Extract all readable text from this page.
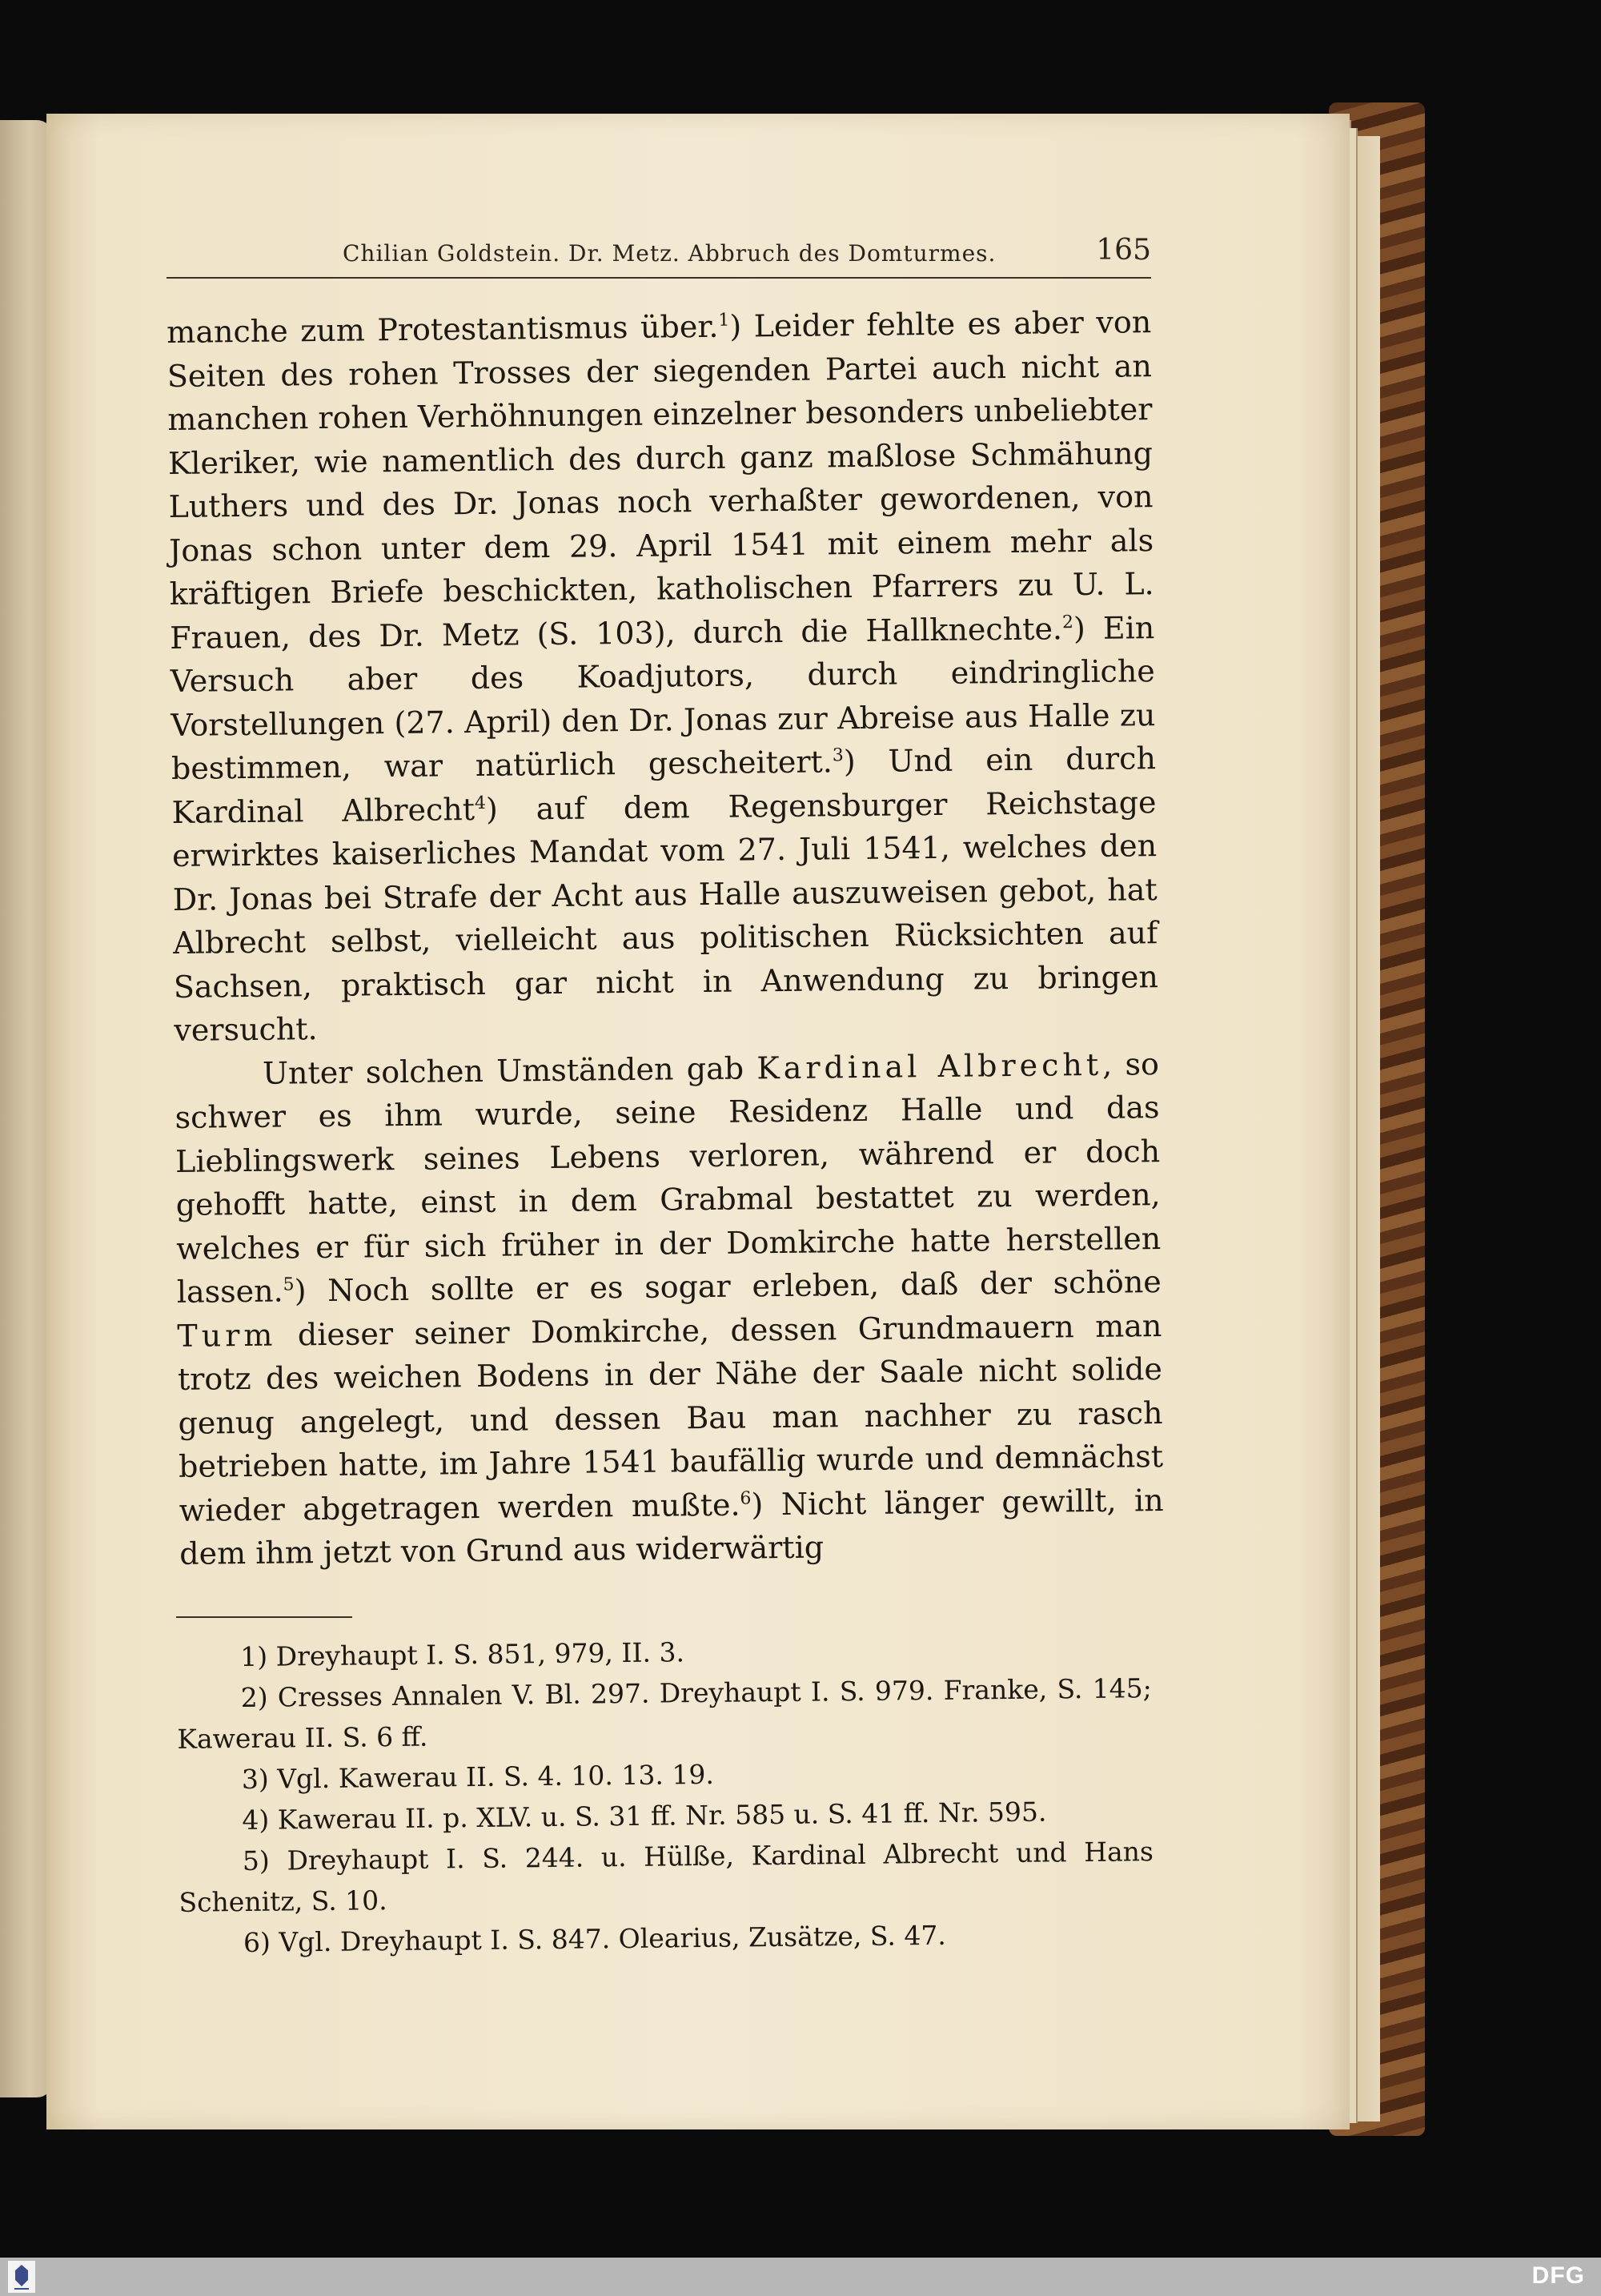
Chilian Goldstein. Dr. Metz. Abbruch des Domturmes.	165

manche zum Protestantismus über.$^1$) Leider fehlte es aber von Seiten des rohen Trosses der siegenden Partei auch nicht an manchen rohen Verhöhnungen einzelner besonders unbeliebter Kleriker, wie namentlich des durch ganz maßlose Schmähung Luthers und des Dr. Jonas noch verhaßter gewordenen, von Jonas schon unter dem 29. April 1541 mit einem mehr als kräftigen Briefe beschickten, katholischen Pfarrers zu U. L. Frauen, des Dr. Metz (S. 103), durch die Hallknechte.$^2$) Ein Versuch aber des Koadjutors, durch eindringliche Vorstellungen (27. April) den Dr. Jonas zur Abreise aus Halle zu bestimmen, war natürlich gescheitert.$^3$) Und ein durch Kardinal Albrecht$^4$) auf dem Regensburger Reichstage erwirktes kaiserliches Mandat vom 27. Juli 1541, welches den Dr. Jonas bei Strafe der Acht aus Halle auszuweisen gebot, hat Albrecht selbst, vielleicht aus politischen Rücksichten auf Sachsen, praktisch gar nicht in Anwendung zu bringen versucht.

Unter solchen Umständen gab Kardinal Albrecht, so schwer es ihm wurde, seine Residenz Halle und das Lieblingswerk seines Lebens verloren, während er doch gehofft hatte, einst in dem Grabmal bestattet zu werden, welches er für sich früher in der Domkirche hatte herstellen lassen.$^5$) Noch sollte er es sogar erleben, daß der schöne Turm dieser seiner Domkirche, dessen Grundmauern man trotz des weichen Bodens in der Nähe der Saale nicht solide genug angelegt, und dessen Bau man nachher zu rasch betrieben hatte, im Jahre 1541 baufällig wurde und demnächst wieder abgetragen werden mußte.$^6$) Nicht länger gewillt, in dem ihm jetzt von Grund aus widerwärtig

1) Dreyhaupt I. S. 851, 979, II. 3.

2) Cresses Annalen V. Bl. 297. Dreyhaupt I. S. 979. Franke, S. 145; Kawerau II. S. 6 ff.

3) Vgl. Kawerau II. S. 4. 10. 13. 19.

4) Kawerau II. p. XLV. u. S. 31 ff. Nr. 585 u. S. 41 ff. Nr. 595.

5) Dreyhaupt I. S. 244. u. Hülße, Kardinal Albrecht und Hans Schenitz, S. 10.

6) Vgl. Dreyhaupt I. S. 847. Olearius, Zusätze, S. 47.

DFG
